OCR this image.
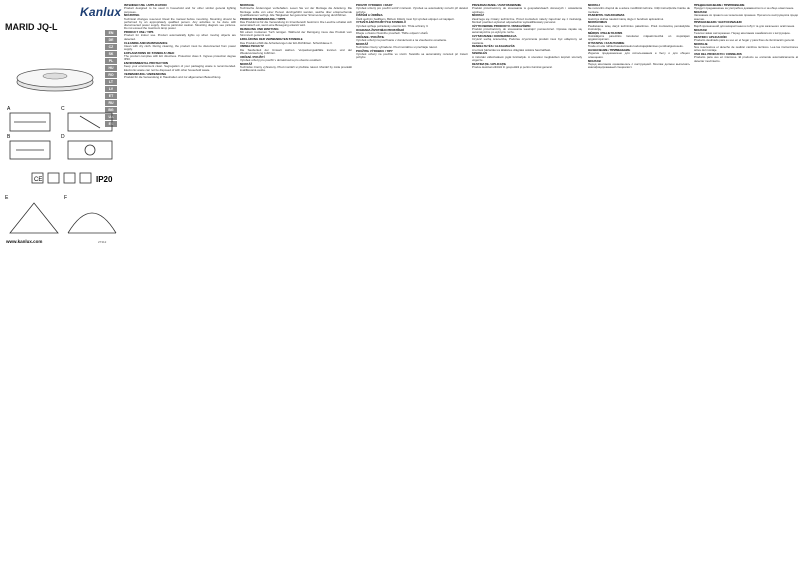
Kanlux
MARID JQ-L
EN
DE
CZ
SK
PL
HU
RO
LT
LV
ET
RU
BG
UA
ES
A
B
C
D
CE	IP20
E	F
www.kanlux.com	27312

INTENDED USE / APPLICATION
Product designed to be used in household and for other similar general lighting purposes.

MOUNTING
Technical changes reserved. Read the manual before mounting. Mounting should be performed by an appropriately qualified person. Any activities to be done with disconnected power supply. Rooms particular caution. Mounting diagram see pictures. Do not exceed the maximum lamp power.

PRODUCT USE / TIPS
Product for indoor use. Product automatically lights up when moving objects are detected.

CLEANING AND MAINTENANCE
Clean with dry cloth. During cleaning, the product must be disconnected from power supply.

EXPLANATIONS OF SYMBOLS USED
The product complies with EU directives. Protection class II. Ingress protection degree IP20.

ENVIRONMENTAL PROTECTION
Keep your environment clean. Segregation of your packaging waste is recommended. Electronic waste can not be disposed of with other household waste.

VERWENDUNG / ANWENDUNG
Produkt für die Verwendung in Haushalten und zur allgemeinen Beleuchtung.

MONTAGE
Technische Änderungen vorbehalten. Lesen Sie vor der Montage die Anleitung. Die Montage sollte von einer Person durchgeführt werden, welche über entsprechende Qualifikationen verfügt. Alle Tätigkeiten bei getrennter Stromversorgung durchführen.

PRODUKTVERWENDUNG / TIPPS
Das Produkt ist für die Verwendung im Innenbereich bestimmt. Die Leuchte schaltet sich automatisch ein, wenn eine Bewegung erkannt wird.

REINIGUNG UND WARTUNG
Mit einem trockenen Tuch reinigen. Während der Reinigung muss das Produkt vom Stromnetz getrennt sein.

ERKLÄRUNG DER VERWENDETEN SYMBOLE
Das Produkt erfüllt die Anforderungen der EU-Richtlinien. Schutzklasse II.

UMWELTSCHUTZ
Die Sauberkeit der Umwelt wahren. Verpackungsabfälle trennen und der Wiederverwertung zuführen.

URČENÍ / POUŽITÍ
Výrobek určený pro použití v domácnosti a pro obecné osvětlení.

MONTÁŽ
Technické změny vyhrazeny. Před montáží si přečtěte návod. Montáž by měla provádět kvalifikovaná osoba.

POUŽITÍ VÝROBKU / RADY
Výrobek určený pro použití uvnitř místností. Výrobek se automaticky rozsvítí při detekci pohybu.

ČIŠTĚNÍ A ÚDRŽBA
Čistit suchým hadříkem. Během čištění musí být výrobek odpojen od napájení.

VYSVĚTLENÍ POUŽITÝCH SYMBOLŮ
Výrobek splňuje požadavky směrnic EU. Třída ochrany II.

OCHRANA ŽIVOTNÍHO PROSTŘEDÍ
Dbejte o čistotu životního prostředí. Třiďte odpad z obalů.

URČENIE / POUŽITIE
Výrobok určený na používanie v domácnosti a na všeobecné osvetlenie.

MONTÁŽ
Technické zmeny vyhradené. Pred montážou si prečítajte návod.

POUŽITIE VÝROBKU / TIPY
Výrobok určený na použitie vo vnútri. Svietidlo sa automaticky rozsvieti pri zistení pohybu.

PRZEZNACZENIE / ZASTOSOWANIE
Produkt przeznaczony do stosowania w gospodarstwach domowych i oświetlenia ogólnego.

MONTAŻ
Zastrzega się zmiany techniczne. Przed montażem należy zapoznać się z instrukcją. Montaż powinien wykonać odpowiednio wykwalifikowany personel.

UŻYTKOWANIE PRODUKTU / WSKAZÓWKI
Produkt przeznaczony do stosowania wewnątrz pomieszczeń. Oprawa zapala się automatycznie po wykryciu ruchu.

CZYSZCZENIE I KONSERWACJA
Czyścić suchą ściereczką. Podczas czyszczenia produkt musi być odłączony od zasilania.

RENDELTETÉS / ALKALMAZÁS
A termék háztartási és általános világítási célokra használható.

SZERELÉS
A műszaki változtatások jogát fenntartjuk. A szerelést megfelelően képzett személy végezze.

DESTINAȚIE / APLICAȚIE
Produs destinat utilizării în gospodării și pentru iluminat general.

MONTAJ
Ne rezervăm dreptul de a aduce modificări tehnice. Citiți instrucțiunile înainte de montare.

PASKIRTIS / NAUDOJIMAS
Gaminys skirtas naudoti namų ūkyje ir bendram apšvietimui.

MONTAVIMAS
Pasiliekame teisę daryti techninius pakeitimus. Prieš montavimą perskaitykite instrukciją.

MĒRĶIS / PIELIETOJUMS
Izstrādājums paredzēts lietošanai mājsaimniecībā un vispārējam apgaismojumam.

OTSTARVE / KASUTAMINE
Toode on ette nähtud kasutamiseks kodumajapidamises ja üldvalgustuseks.

НАЗНАЧЕНИЕ / ПРИМЕНЕНИЕ
Изделие предназначено для использования в быту и для общего освещения.

МОНТАЖ
Перед монтажом ознакомьтесь с инструкцией. Монтаж должен выполнять квалифицированный специалист.

ПРЕДНАЗНАЧЕНИЕ / ПРИЛОЖЕНИЕ
Продукт предназначен за употреба в домакинството и за общо осветление.

МОНТАЖ
Запазваме си правото на технически промени. Прочетете инструкцията преди монтаж.

ПРИЗНАЧЕННЯ / ЗАСТОСУВАННЯ
Виріб призначений для використання в побуті та для загального освітлення.

МОНТАЖ
Технічні зміни застережено. Перед монтажем ознайомтеся з інструкцією.

DESTINO / APLICACIÓN
Producto destinado para su uso en el hogar y para fines de iluminación general.

MONTAJE
Nos reservamos el derecho de realizar cambios técnicos. Lea las instrucciones antes del montaje.

USO DEL PRODUCTO / CONSEJOS
Producto para uso en interiores. El producto se enciende automáticamente al detectar movimiento.
